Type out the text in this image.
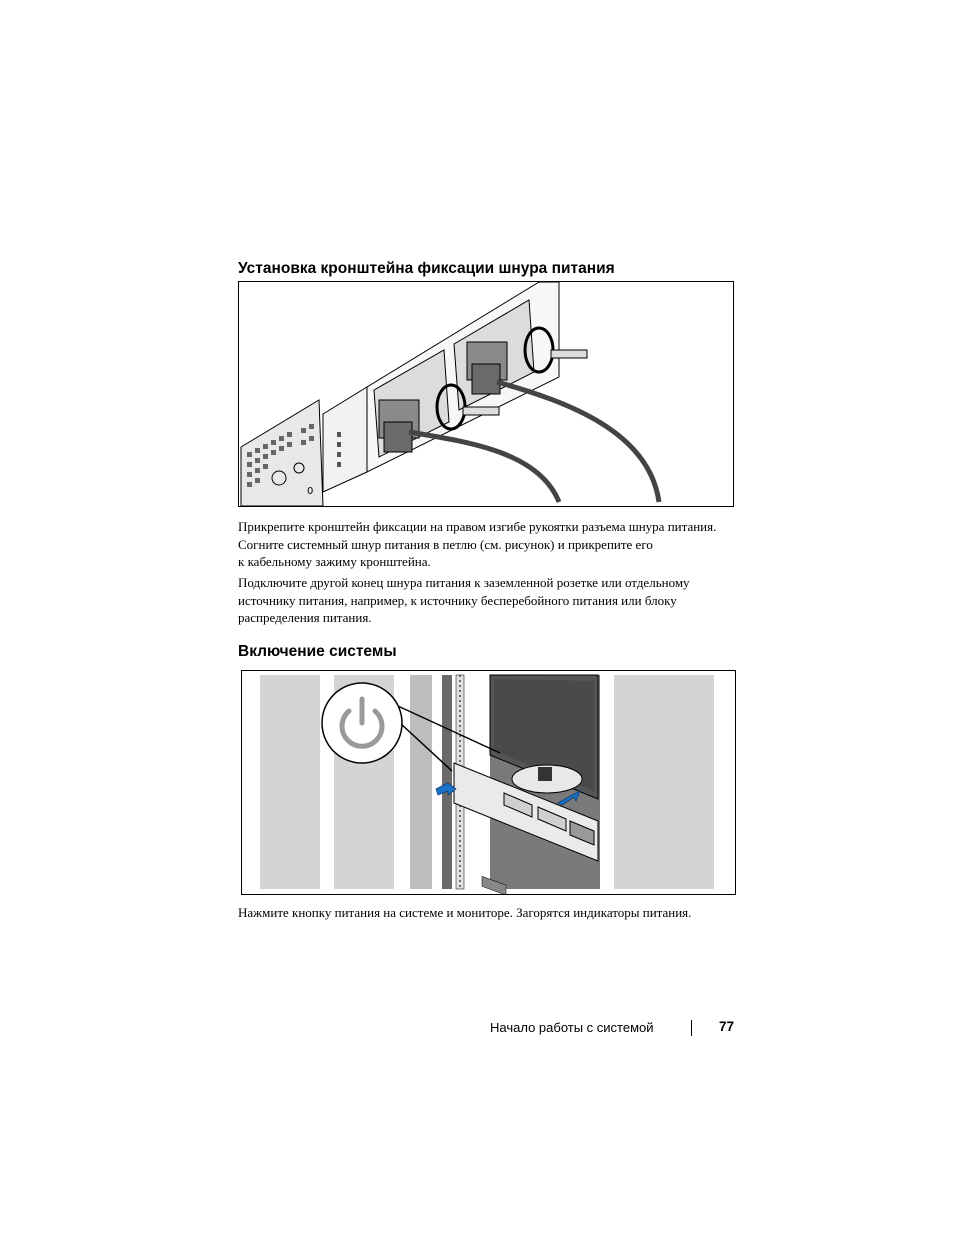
Установка кронштейна фиксации шнура питания
0

Прикрепите кронштейн фиксации на правом изгибе рукоятки разъема шнура питания.
Согните системный шнур питания в петлю (см. рисунок) и прикрепите его
к кабельному зажиму кронштейна.

Подключите другой конец шнура питания к заземленной розетке или отдельному
источнику питания, например, к источнику бесперебойного питания или блоку
распределения питания.

Включение системы

Нажмите кнопку питания на системе и мониторе. Загорятся индикаторы питания.

Начало работы с системой	77
